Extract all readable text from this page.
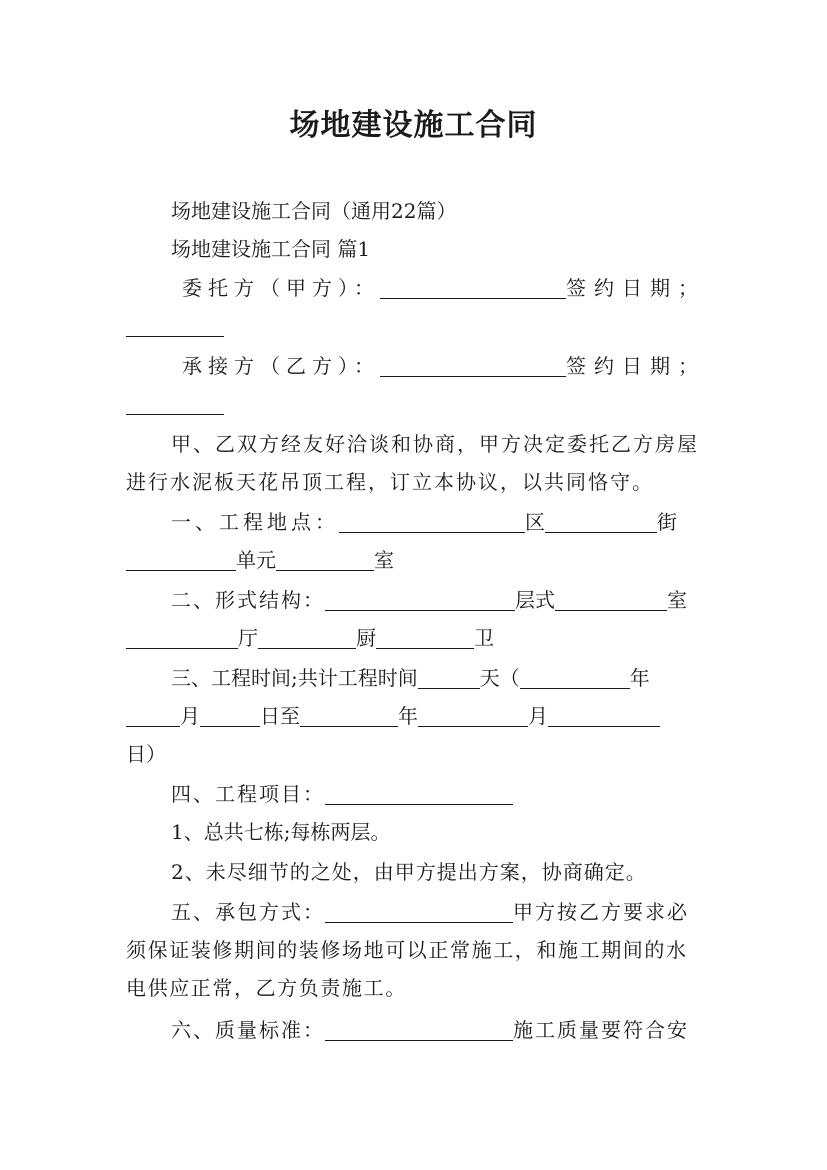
场地建设施工合同
场地建设施工合同（通用22篇）
场地建设施工合同 篇1
委托方（甲方）：	签约日期；
承接方（乙方）：	签约日期；
甲、乙双方经友好洽谈和协商，甲方决定委托乙方房屋
进行水泥板天花吊顶工程，订立本协议，以共同恪守。
一、工程地点：	区	街
单元	室
二、形式结构：	层式	室
厅	厨	卫
三、工程时间;共计工程时间	天（	年
月	日至	年	月
日）
四、工程项目：
1、总共七栋;每栋两层。
2、未尽细节的之处，由甲方提出方案，协商确定。
五、承包方式：	甲方按乙方要求必
须保证装修期间的装修场地可以正常施工，和施工期间的水
电供应正常，乙方负责施工。
六、质量标准：	施工质量要符合安
